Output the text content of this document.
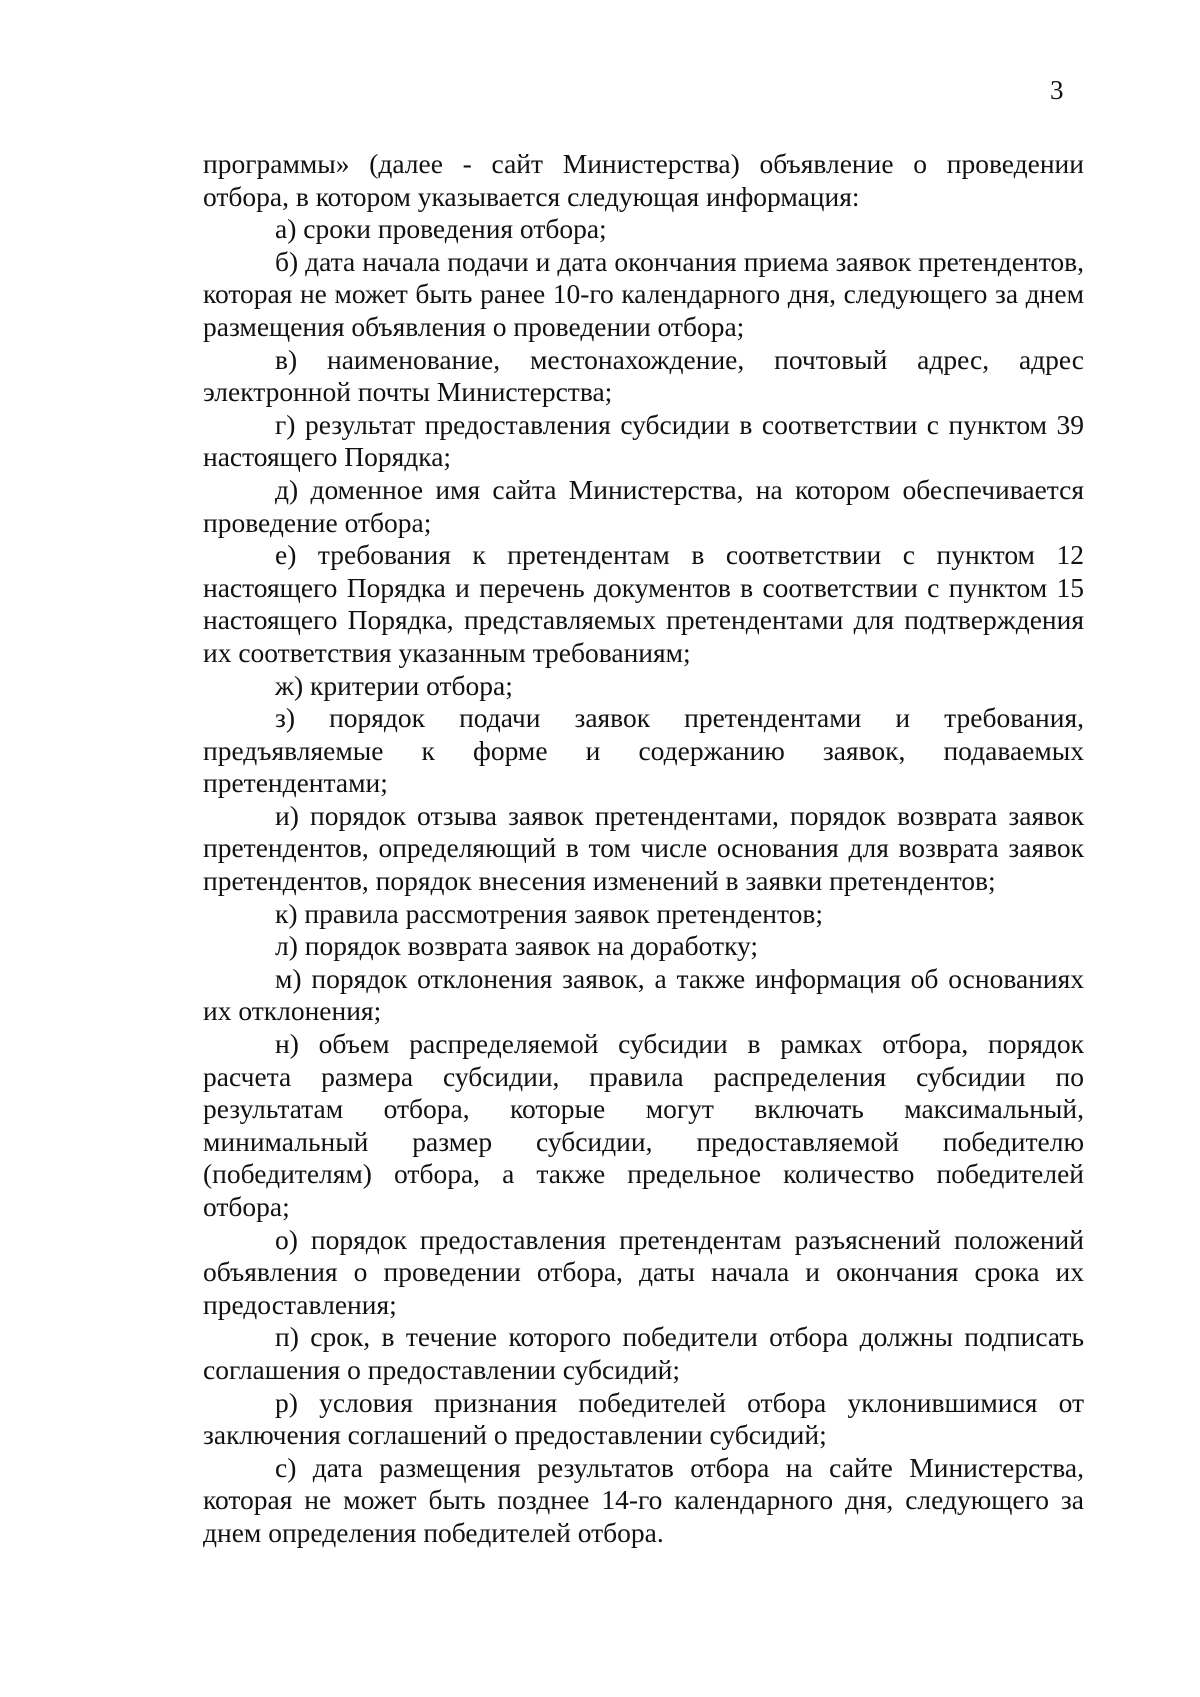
3

программы» (далее - сайт Министерства) объявление о проведении отбора, в котором указывается следующая информация:

а) сроки проведения отбора;

б) дата начала подачи и дата окончания приема заявок претендентов, которая не может быть ранее 10-го календарного дня, следующего за днем размещения объявления о проведении отбора;

в) наименование, местонахождение, почтовый адрес, адрес электронной почты Министерства;

г) результат предоставления субсидии в соответствии с пунктом 39 настоящего Порядка;

д) доменное имя сайта Министерства, на котором обеспечивается проведение отбора;

е) требования к претендентам в соответствии с пунктом 12 настоящего Порядка и перечень документов в соответствии с пунктом 15 настоящего Порядка, представляемых претендентами для подтверждения их соответствия указанным требованиям;

ж) критерии отбора;

з) порядок подачи заявок претендентами и требования, предъявляемые к форме и содержанию заявок, подаваемых претендентами;

и) порядок отзыва заявок претендентами, порядок возврата заявок претендентов, определяющий в том числе основания для возврата заявок претендентов, порядок внесения изменений в заявки претендентов;

к) правила рассмотрения заявок претендентов;

л) порядок возврата заявок на доработку;

м) порядок отклонения заявок, а также информация об основаниях их отклонения;

н) объем распределяемой субсидии в рамках отбора, порядок расчета размера субсидии, правила распределения субсидии по результатам отбора, которые могут включать максимальный, минимальный размер субсидии, предоставляемой победителю (победителям) отбора, а также предельное количество победителей отбора;

о) порядок предоставления претендентам разъяснений положений объявления о проведении отбора, даты начала и окончания срока их предоставления;

п) срок, в течение которого победители отбора должны подписать соглашения о предоставлении субсидий;

р) условия признания победителей отбора уклонившимися от заключения соглашений о предоставлении субсидий;

с) дата размещения результатов отбора на сайте Министерства, которая не может быть позднее 14-го календарного дня, следующего за днем определения победителей отбора.
